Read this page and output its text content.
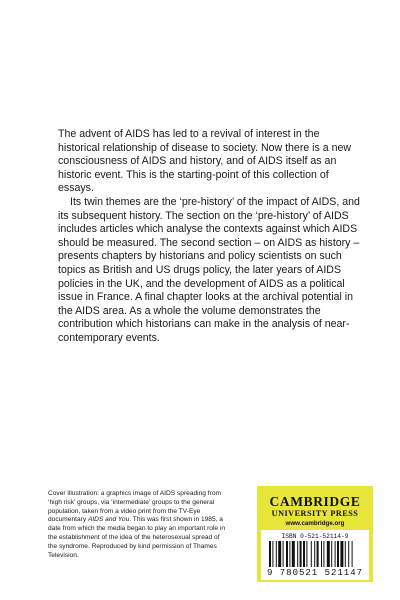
The advent of AIDS has led to a revival of interest in the historical relationship of disease to society. Now there is a new consciousness of AIDS and history, and of AIDS itself as an historic event. This is the starting-point of this collection of essays.

Its twin themes are the ‘pre-history’ of the impact of AIDS, and its subsequent history. The section on the ‘pre-history’ of AIDS includes articles which analyse the contexts against which AIDS should be measured. The second section – on AIDS as history – presents chapters by historians and policy scientists on such topics as British and US drugs policy, the later years of AIDS policies in the UK, and the development of AIDS as a political issue in France. A final chapter looks at the archival potential in the AIDS area. As a whole the volume demonstrates the contribution which historians can make in the analysis of near-contemporary events.

Cover illustration: a graphics image of AIDS spreading from ‘high risk’ groups, via ‘intermediate’ groups to the general population, taken from a video print from the TV-Eye documentary AIDS and You. This was first shown in 1985, a date from which the media began to play an important role in the establishment of the idea of the heterosexual spread of the syndrome. Reproduced by kind permission of Thames Television.
CAMBRIDGE
UNIVERSITY PRESS
www.cambridge.org
ISBN 0-521-52114-9
9 780521 521147
